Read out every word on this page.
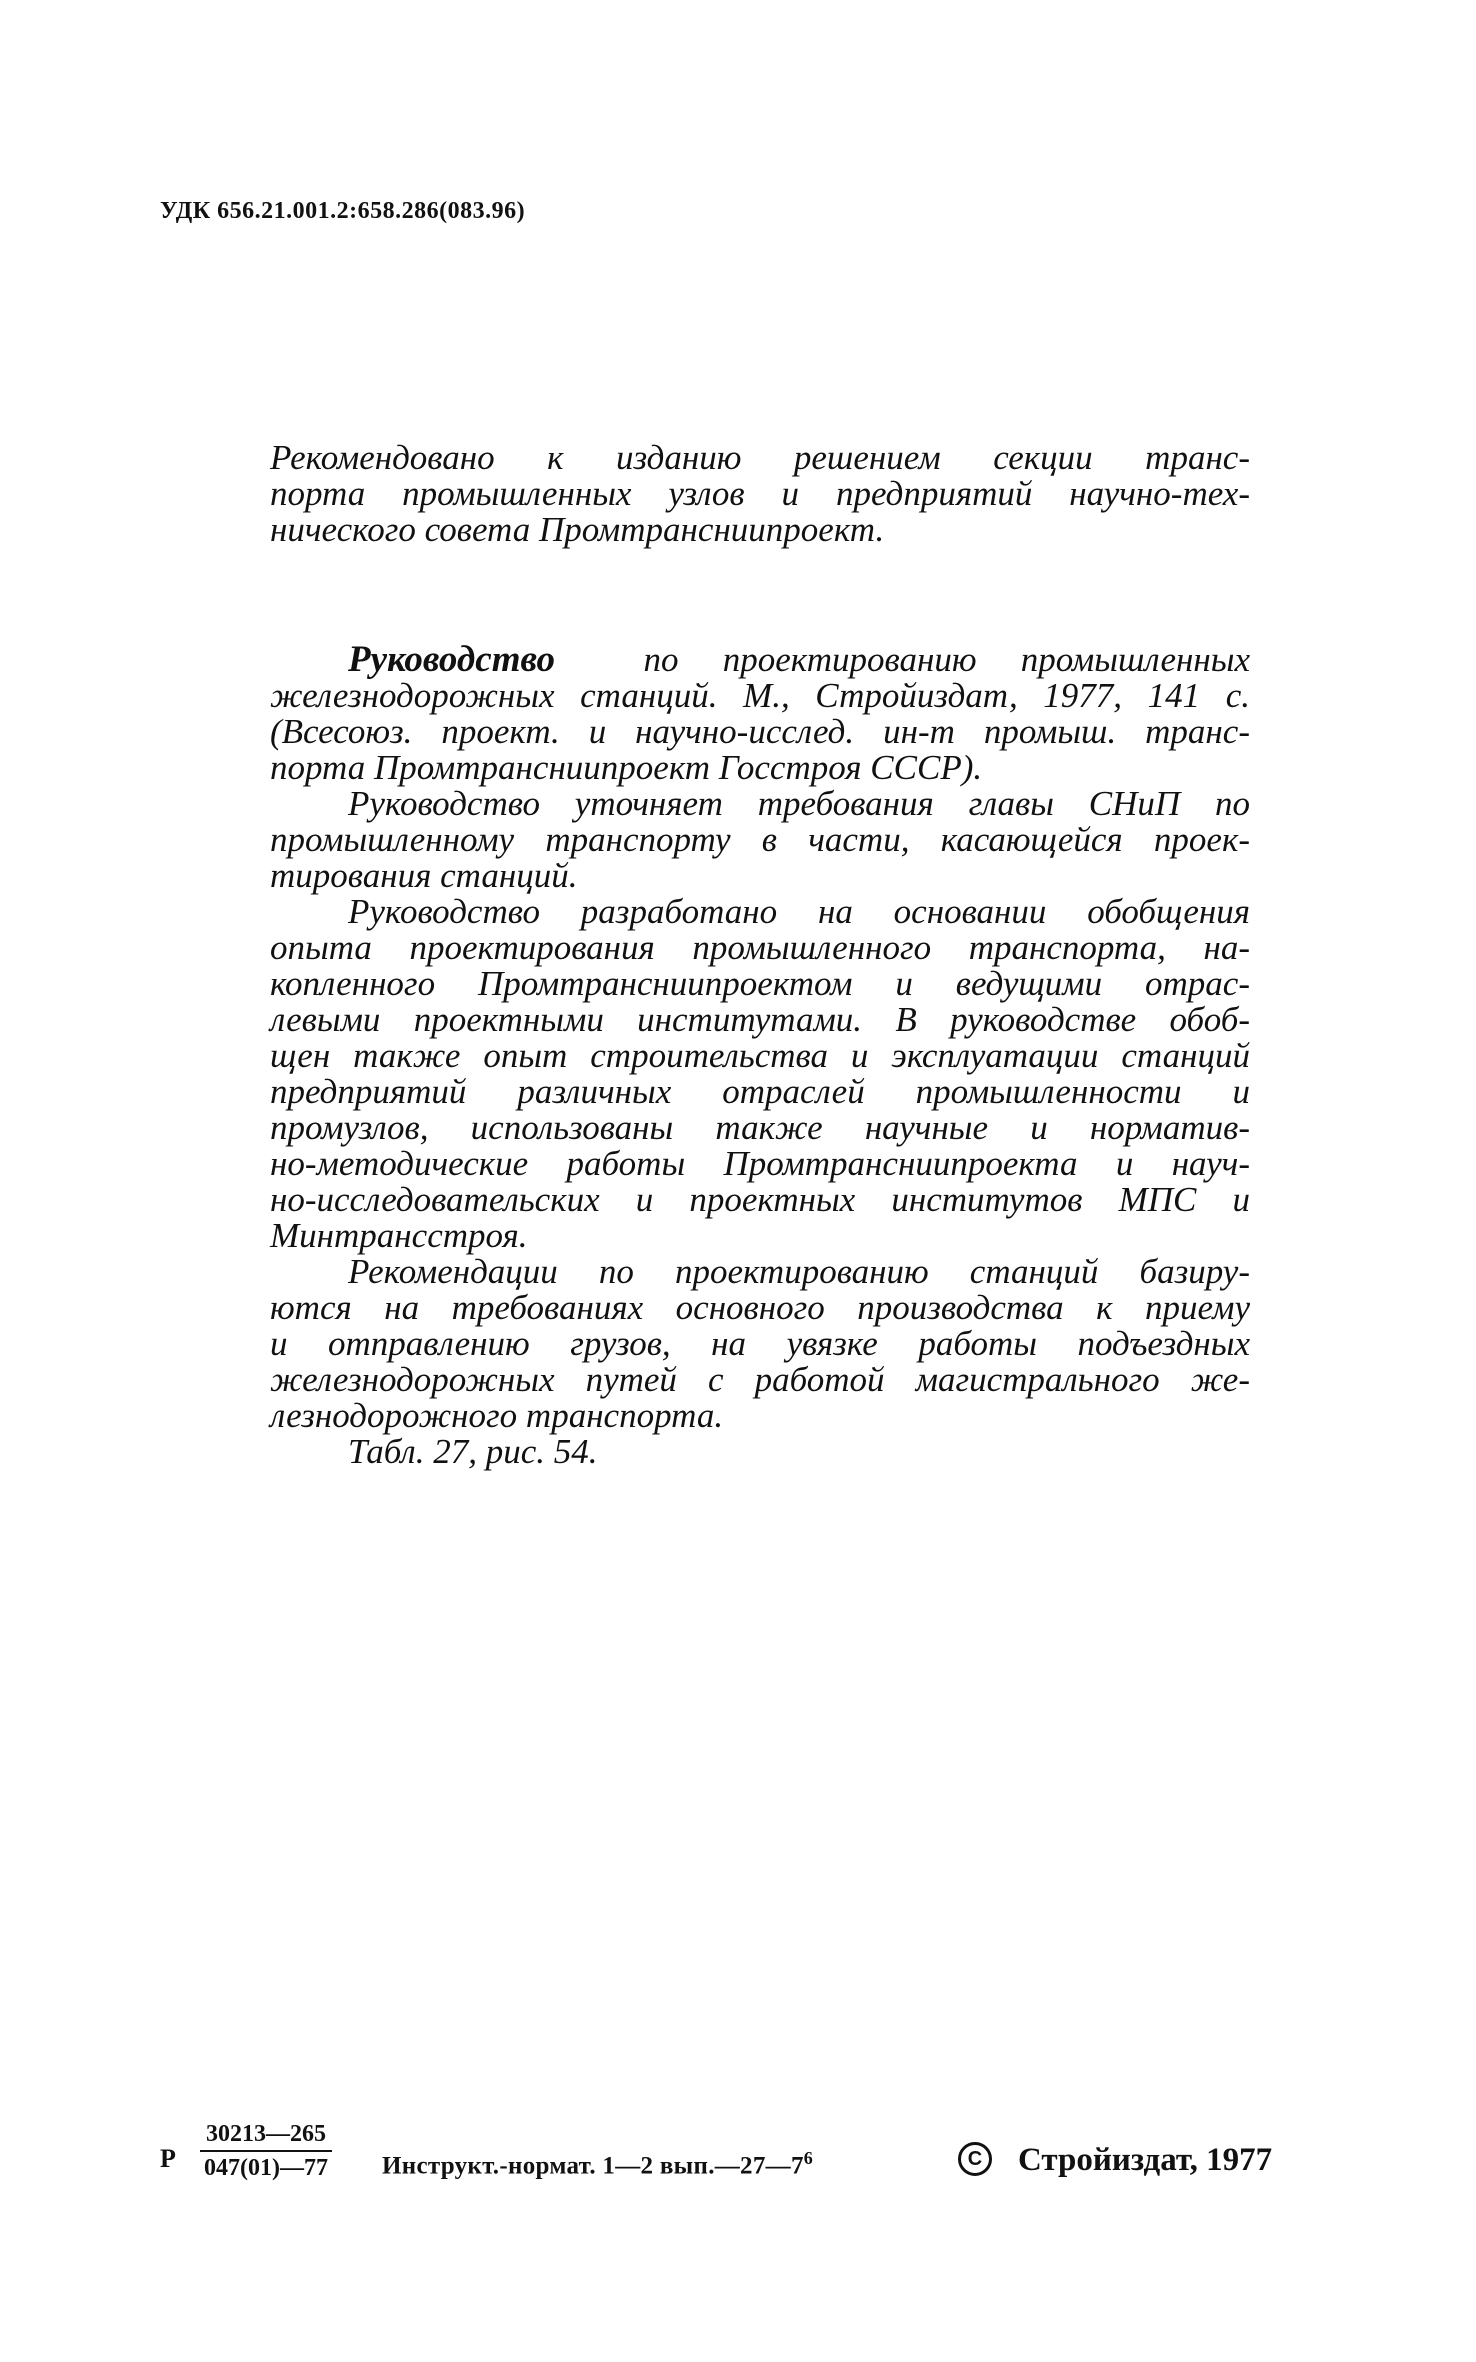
УДК 656.21.001.2:658.286(083.96)
Рекомендовано к изданию решением секции транс-
порта промышленных узлов и предприятий научно-тех-
нического совета Промтрансниипроект.
Руководство	по проектированию промышленных
железнодорожных станций. М., Стройиздат, 1977, 141 с.
(Всесоюз. проект. и научно-исслед. ин-т промыш. транс-
порта Промтрансниипроект Госстроя СССР).
Руководство уточняет требования главы СНиП по
промышленному транспорту в части, касающейся проек-
тирования станций.
Руководство разработано на основании обобщения
опыта проектирования промышленного транспорта, на-
копленного Промтрансниипроектом и ведущими отрас-
левыми проектными институтами. В руководстве обоб-
щен также опыт строительства и эксплуатации станций
предприятий различных отраслей промышленности и
промузлов, использованы также научные и норматив-
но-методические работы Промтрансниипроекта и науч-
но-исследовательских и проектных институтов МПС и
Минтрансстроя.
Рекомендации по проектированию станций базиру-
ются на требованиях основного производства к приему
и отправлению грузов, на увязке работы подъездных
железнодорожных путей с работой магистрального же-
лезнодорожного транспорта.
Табл. 27, рис. 54.
Р $\frac{30213—265}{047(01)—77}$ Инструкт.-нормат. 1—2 $вып.—27—7^6$	С Стройиздат, 1977
